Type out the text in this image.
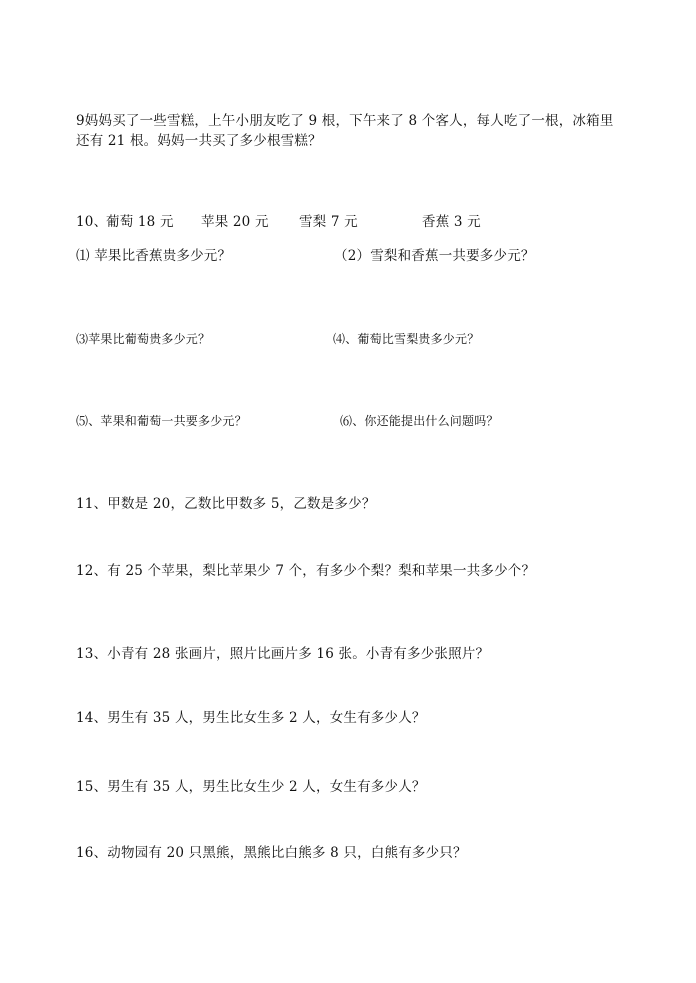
9妈妈买了一些雪糕，上午小朋友吃了 9 根，下午来了 8 个客人，每人吃了一根，冰箱里
还有 21 根。妈妈一共买了多少根雪糕？
10、
葡萄 18 元 苹果 20 元 雪梨 7 元	香蕉 3 元
⑴ 苹果比香蕉贵多少元？	（2）雪梨和香蕉一共要多少元？
⑶苹果比葡萄贵多少元？	⑷、葡萄比雪梨贵多少元？
⑸、苹果和葡萄一共要多少元？	⑹、你还能提出什么问题吗？
11、甲数是 20，乙数比甲数多 5，乙数是多少？
12、有 25 个苹果，梨比苹果少 7 个，有多少个梨？梨和苹果一共多少个？
13、小青有 28 张画片，照片比画片多 16 张。小青有多少张照片？
14、男生有 35 人，男生比女生多 2 人，女生有多少人？
15、男生有 35 人，男生比女生少 2 人，女生有多少人？
16、动物园有 20 只黑熊，黑熊比白熊多 8 只，白熊有多少只？
